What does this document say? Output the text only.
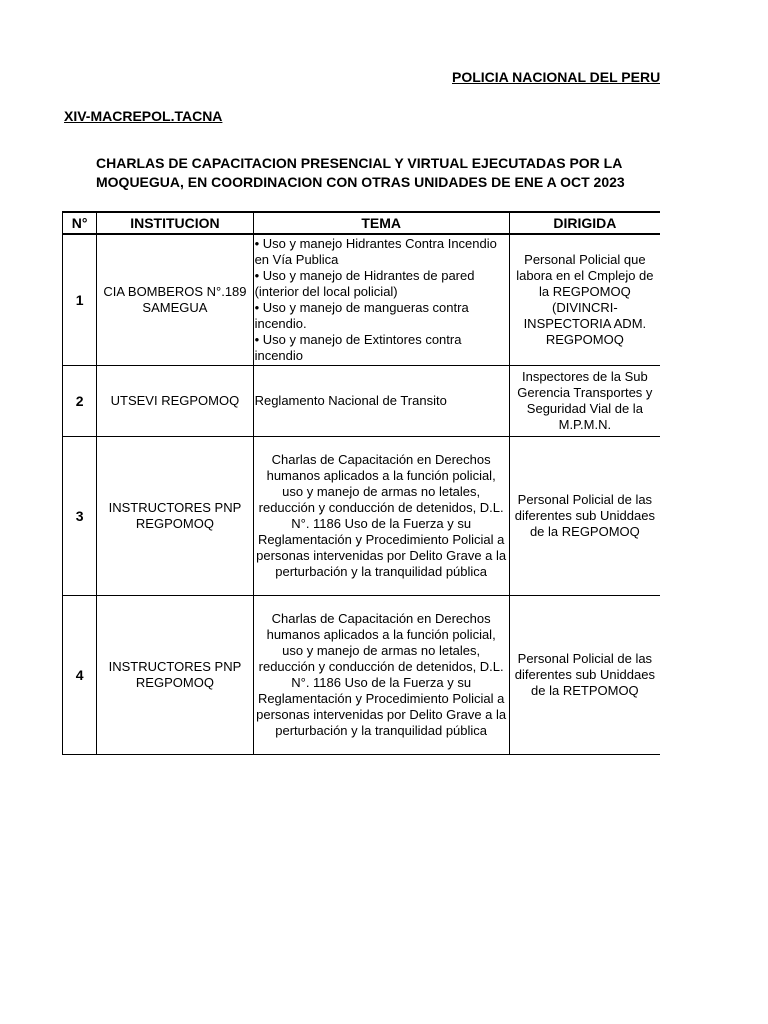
POLICIA NACIONAL DEL PERU
XIV-MACREPOL.TACNA
CHARLAS DE CAPACITACION PRESENCIAL Y VIRTUAL EJECUTADAS POR LA
MOQUEGUA, EN COORDINACION CON OTRAS UNIDADES DE ENE A OCT 2023
N°	INSTITUCION	TEMA	DIRIGIDA
1	CIA BOMBEROS N°.189 SAMEGUA	• Uso y manejo Hidrantes Contra Incendio en Vía Publica
• Uso y manejo de Hidrantes de pared (interior del local policial)
• Uso y manejo de mangueras contra incendio.
• Uso y manejo de Extintores contra incendio	Personal Policial que labora en el Cmplejo de la REGPOMOQ (DIVINCRI-INSPECTORIA ADM. REGPOMOQ
2	UTSEVI REGPOMOQ	Reglamento Nacional de Transito	Inspectores de la Sub Gerencia Transportes y Seguridad Vial de la M.P.M.N.
3	INSTRUCTORES PNP REGPOMOQ	Charlas de Capacitación en Derechos humanos aplicados a la función policial, uso y manejo de armas no letales, reducción y conducción de detenidos, D.L. N°. 1186 Uso de la Fuerza y su Reglamentación y Procedimiento Policial a personas intervenidas por Delito Grave a la perturbación y la tranquilidad pública	Personal Policial de las diferentes sub Uniddaes de la REGPOMOQ
4	INSTRUCTORES PNP REGPOMOQ	Charlas de Capacitación en Derechos humanos aplicados a la función policial, uso y manejo de armas no letales, reducción y conducción de detenidos, D.L. N°. 1186 Uso de la Fuerza y su Reglamentación y Procedimiento Policial a personas intervenidas por Delito Grave a la perturbación y la tranquilidad pública	Personal Policial de las diferentes sub Uniddaes de la RETPOMOQ
